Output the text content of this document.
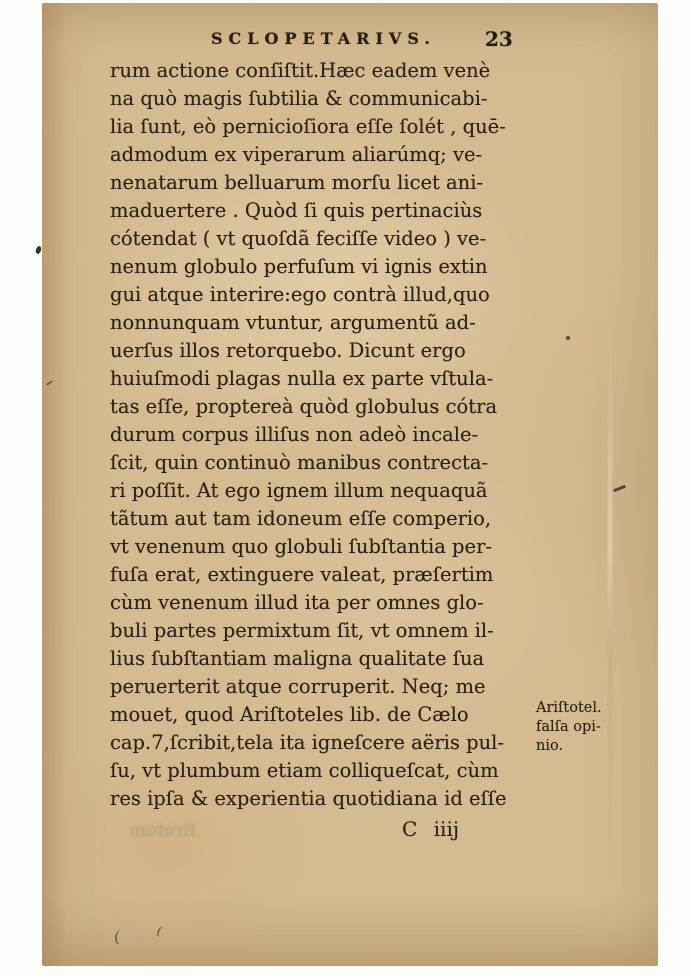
SCLOPETARIVS. 23
rum actione conſiſtit.Hæc eadem venè
na quò magis ſubtilia & communicabi-
lia ſunt, eò pernicioſiora eſſe ſolét , quē-
admodum ex viperarum aliarúmq; ve-
nenatarum belluarum morſu licet ani-
maduertere . Quòd ſi quis pertinaciùs
cótendat ( vt quoſdã feciſſe video ) ve-
nenum globulo perfuſum vi ignis extin
gui atque interire:ego contrà illud,quo
nonnunquam vtuntur, argumentũ ad-
uerſus illos retorquebo. Dicunt ergo
huiuſmodi plagas nulla ex parte vſtula-
tas eſſe, proptereà quòd globulus cótra
durum corpus illiſus non adeò incale-
ſcit, quin continuò manibus contrecta-
ri poſſit. At ego ignem illum nequaquã
tãtum aut tam idoneum eſſe comperio,
vt venenum quo globuli ſubſtantia per-
fuſa erat, extinguere valeat, præſertim
cùm venenum illud ita per omnes glo-
buli partes permixtum ſit, vt omnem il-
lius ſubſtantiam maligna qualitate ſua
peruerterit atque corruperit. Neq; me
mouet, quod Ariſtoteles lib. de Cælo
cap.7,ſcribit,tela ita igneſcere aëris pul-
ſu, vt plumbum etiam colliqueſcat, cùm
res ipſa & experientia quotidiana id eſſe
Ariſtotel.
falſa opi-
nio.
C iiij
Itratum
(	(
